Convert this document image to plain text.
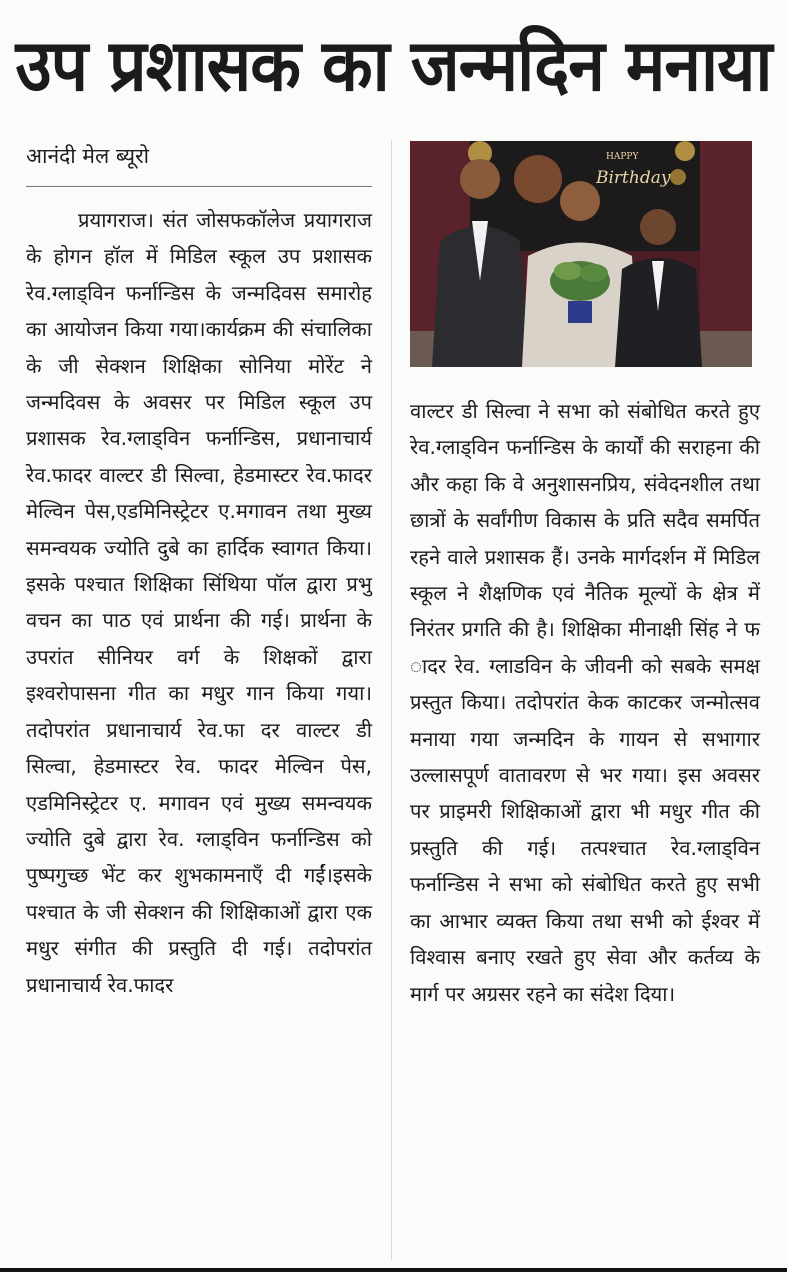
उप प्रशासक का जन्मदिन मनाया
आनंदी मेल ब्यूरो
प्रयागराज। संत जोसफकॉलेज प्रयागराज के होगन हॉल में मिडिल स्कूल उप प्रशासक रेव.ग्लाड्विन फर्नान्डिस के जन्मदिवस समारोह का आयोजन किया गया।कार्यक्रम की संचालिका के जी सेक्शन शिक्षिका सोनिया मोरेंट ने जन्मदिवस के अवसर पर मिडिल स्कूल उप प्रशासक रेव.ग्लाड्विन फर्नान्डिस, प्रधानाचार्य रेव.फादर वाल्टर डी सिल्वा, हेडमास्टर रेव.फादर मेल्विन पेस,एडमिनिस्ट्रेटर ए.मगावन तथा मुख्य समन्वयक ज्योति दुबे का हार्दिक स्वागत किया।इसके पश्चात शिक्षिका सिंथिया पॉल द्वारा प्रभु वचन का पाठ एवं प्रार्थना की गई। प्रार्थना के उपरांत सीनियर वर्ग के शिक्षकों द्वारा इश्वरोपासना गीत का मधुर गान किया गया। तदोपरांत प्रधानाचार्य रेव.फा दर वाल्टर डी सिल्वा, हेडमास्टर रेव. फादर मेल्विन पेस, एडमिनिस्ट्रेटर ए. मगावन एवं मुख्य समन्वयक ज्योति दुबे द्वारा रेव. ग्लाड्विन फर्नान्डिस को पुष्पगुच्छ भेंट कर शुभकामनाएँ दी गईं।इसके पश्चात के जी सेक्शन की शिक्षिकाओं द्वारा एक मधुर संगीत की प्रस्तुति दी गई। तदोपरांत प्रधानाचार्य रेव.फादर
HAPPY
Birthday
वाल्टर डी सिल्वा ने सभा को संबोधित करते हुए रेव.ग्लाड्विन फर्नान्डिस के कार्यों की सराहना की और कहा कि वे अनुशासनप्रिय, संवेदनशील तथा छात्रों के सर्वांगीण विकास के प्रति सदैव समर्पित रहने वाले प्रशासक हैं। उनके मार्गदर्शन में मिडिल स्कूल ने शैक्षणिक एवं नैतिक मूल्यों के क्षेत्र में निरंतर प्रगति की है। शिक्षिका मीनाक्षी सिंह ने फ ादर रेव. ग्लाडविन के जीवनी को सबके समक्ष प्रस्तुत किया। तदोपरांत केक काटकर जन्मोत्सव मनाया गया जन्मदिन के गायन से सभागार उल्लासपूर्ण वातावरण से भर गया। इस अवसर पर प्राइमरी शिक्षिकाओं द्वारा भी मधुर गीत की प्रस्तुति की गई। तत्पश्चात रेव.ग्लाड्विन फर्नान्डिस ने सभा को संबोधित करते हुए सभी का आभार व्यक्त किया तथा सभी को ईश्वर में विश्वास बनाए रखते हुए सेवा और कर्तव्य के मार्ग पर अग्रसर रहने का संदेश दिया।
